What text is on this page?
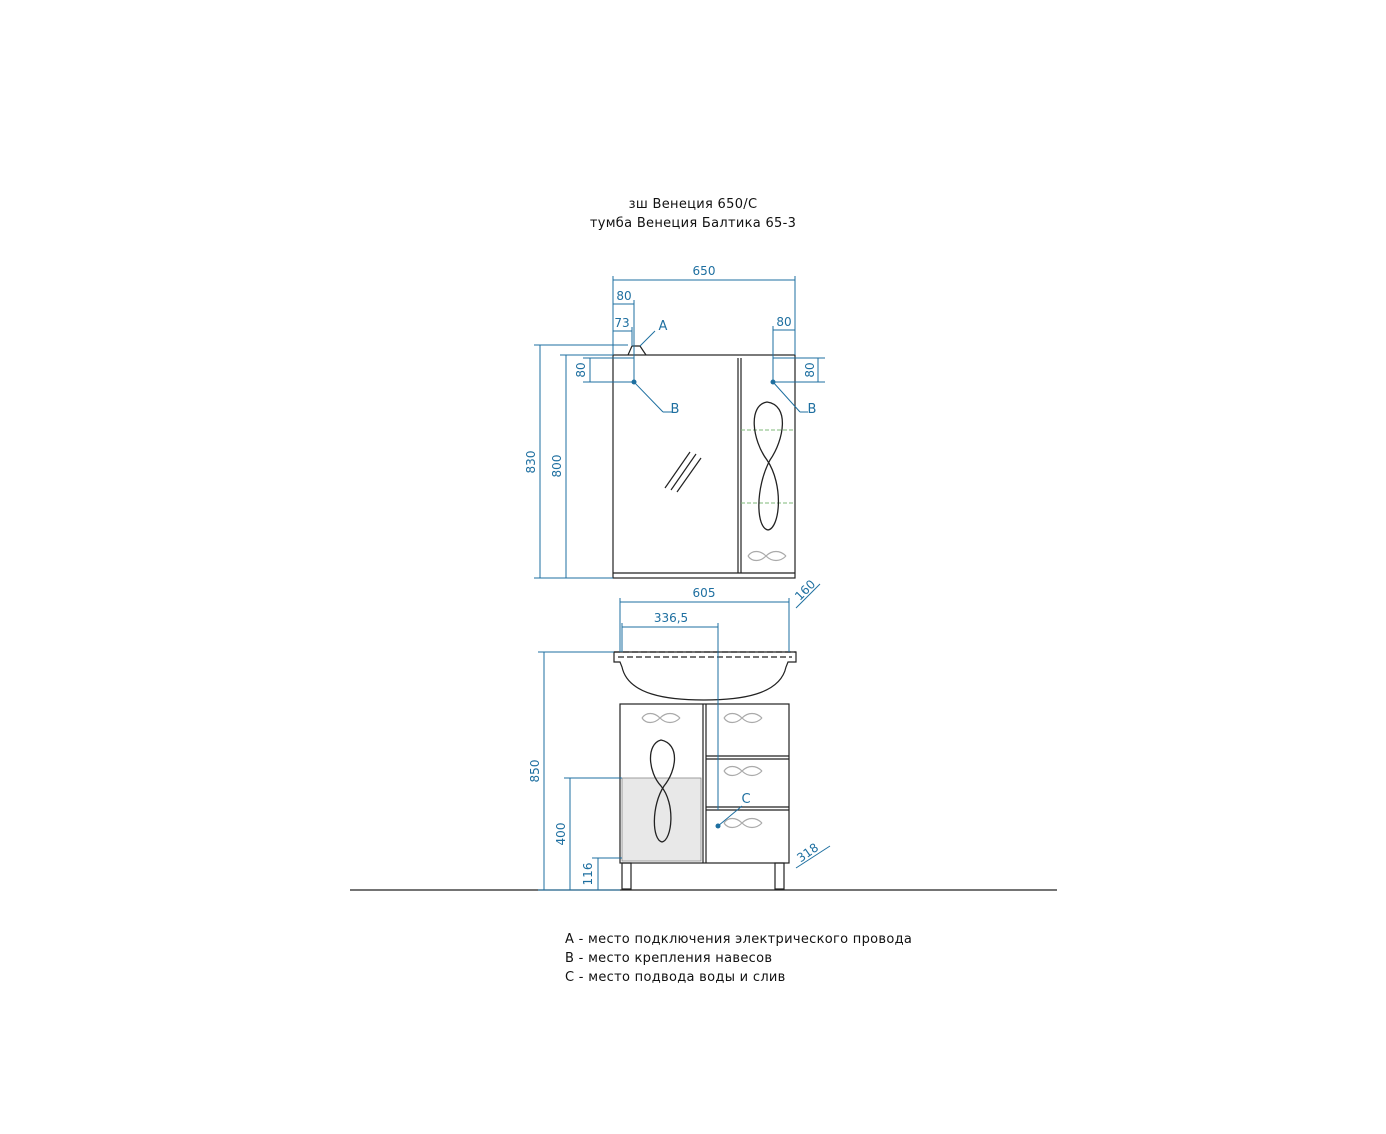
зш Венеция 650/С
тумба Венеция Балтика 65-3
650
80
73	80
80	80
830 800
A
B	B
605
336,5
160
850
400
116
318
C
A - место подключения электрического провода
B - место крепления навесов
C - место подвода воды и слив
